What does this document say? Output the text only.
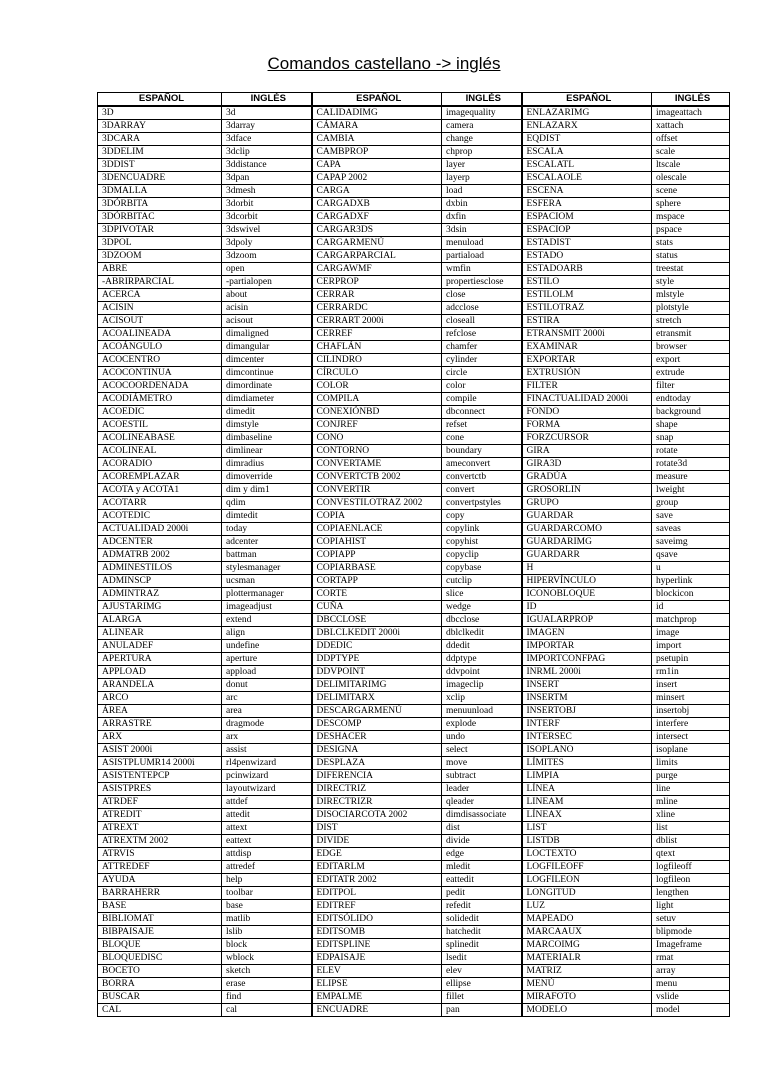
Comandos castellano -> inglés
ESPAÑOL	INGLÉS	ESPAÑOL	INGLÉS	ESPAÑOL	INGLÉS
3D	3d	CALIDADIMG	imagequality	ENLAZARIMG	imageattach
3DARRAY	3darray	CÁMARA	camera	ENLAZARX	xattach
3DCARA	3dface	CAMBIA	change	EQDIST	offset
3DDELIM	3dclip	CAMBPROP	chprop	ESCALA	scale
3DDIST	3ddistance	CAPA	layer	ESCALATL	ltscale
3DENCUADRE	3dpan	CAPAP 2002	layerp	ESCALAOLE	olescale
3DMALLA	3dmesh	CARGA	load	ESCENA	scene
3DÓRBITA	3dorbit	CARGADXB	dxbin	ESFERA	sphere
3DÓRBITAC	3dcorbit	CARGADXF	dxfin	ESPACIOM	mspace
3DPIVOTAR	3dswivel	CARGAR3DS	3dsin	ESPACIOP	pspace
3DPOL	3dpoly	CARGARMENÚ	menuload	ESTADIST	stats
3DZOOM	3dzoom	CARGARPARCIAL	partiaload	ESTADO	status
ABRE	open	CARGAWMF	wmfin	ESTADOARB	treestat
-ABRIRPARCIAL	-partialopen	CERPROP	propertiesclose	ESTILO	style
ACERCA	about	CERRAR	close	ESTILOLM	mlstyle
ACISIN	acisin	CERRARDC	adcclose	ESTILOTRAZ	plotstyle
ACISOUT	acisout	CERRART 2000i	closeall	ESTIRA	stretch
ACOALINEADA	dimaligned	CERREF	refclose	ETRANSMIT 2000i	etransmit
ACOÁNGULO	dimangular	CHAFLÁN	chamfer	EXAMINAR	browser
ACOCENTRO	dimcenter	CILINDRO	cylinder	EXPORTAR	export
ACOCONTINUA	dimcontinue	CÍRCULO	circle	EXTRUSIÓN	extrude
ACOCOORDENADA	dimordinate	COLOR	color	FILTER	filter
ACODIÁMETRO	dimdiameter	COMPILA	compile	FINACTUALIDAD 2000i	endtoday
ACOEDIC	dimedit	CONEXIÓNBD	dbconnect	FONDO	background
ACOESTIL	dimstyle	CONJREF	refset	FORMA	shape
ACOLINEABASE	dimbaseline	CONO	cone	FORZCURSOR	snap
ACOLINEAL	dimlinear	CONTORNO	boundary	GIRA	rotate
ACORADIO	dimradius	CONVERTAME	ameconvert	GIRA3D	rotate3d
ACOREMPLAZAR	dimoverride	CONVERTCTB 2002	convertctb	GRADÚA	measure
ACOTA y ACOTA1	dim y dim1	CONVERTIR	convert	GROSORLIN	lweight
ACOTARR	qdim	CONVESTILOTRAZ 2002	convertpstyles	GRUPO	group
ACOTEDIC	dimtedit	COPIA	copy	GUARDAR	save
ACTUALIDAD 2000i	today	COPIAENLACE	copylink	GUARDARCOMO	saveas
ADCENTER	adcenter	COPIAHIST	copyhist	GUARDARIMG	saveimg
ADMATRB 2002	battman	COPIAPP	copyclip	GUARDARR	qsave
ADMINESTILOS	stylesmanager	COPIARBASE	copybase	H	u
ADMINSCP	ucsman	CORTAPP	cutclip	HIPERVÍNCULO	hyperlink
ADMINTRAZ	plottermanager	CORTE	slice	ICONOBLOQUE	blockicon
AJUSTARIMG	imageadjust	CUÑA	wedge	ID	id
ALARGA	extend	DBCCLOSE	dbcclose	IGUALARPROP	matchprop
ALINEAR	align	DBLCLKEDIT 2000i	dblclkedit	IMAGEN	image
ANULADEF	undefine	DDEDIC	ddedit	IMPORTAR	import
APERTURA	aperture	DDPTYPE	ddptype	IMPORTCONFPAG	psetupin
APPLOAD	appload	DDVPOINT	ddvpoint	INRML 2000i	rm1in
ARANDELA	donut	DELIMITARIMG	imageclip	INSERT	insert
ARCO	arc	DELIMITARX	xclip	INSERTM	minsert
ÁREA	area	DESCARGARMENÚ	menuunload	INSERTOBJ	insertobj
ARRASTRE	dragmode	DESCOMP	explode	INTERF	interfere
ARX	arx	DESHACER	undo	INTERSEC	intersect
ASIST 2000i	assist	DESIGNA	select	ISOPLANO	isoplane
ASISTPLUMR14 2000i	rl4penwizard	DESPLAZA	move	LÍMITES	limits
ASISTENTEPCP	pcinwizard	DIFERENCIA	subtract	LIMPIA	purge
ASISTPRES	layoutwizard	DIRECTRIZ	leader	LÍNEA	line
ATRDEF	attdef	DIRECTRIZR	qleader	LINEAM	mline
ATREDIT	attedit	DISOCIARCOTA 2002	dimdisassociate	LÍNEAX	xline
ATREXT	attext	DIST	dist	LIST	list
ATREXTM 2002	eattext	DIVIDE	divide	LISTDB	dblist
ATRVIS	attdisp	EDGE	edge	LOCTEXTO	qtext
ATTREDEF	attredef	EDITARLM	mledit	LOGFILEOFF	logfileoff
AYUDA	help	EDITATR 2002	eattedit	LOGFILEON	logfileon
BARRAHERR	toolbar	EDITPOL	pedit	LONGITUD	lengthen
BASE	base	EDITREF	refedit	LUZ	light
BIBLIOMAT	matlib	EDITSÓLIDO	solidedit	MAPEADO	setuv
BIBPAISAJE	lslib	EDITSOMB	hatchedit	MARCAAUX	blipmode
BLOQUE	block	EDITSPLINE	splinedit	MARCOIMG	Imageframe
BLOQUEDISC	wblock	EDPAISAJE	lsedit	MATERIALR	rmat
BOCETO	sketch	ELEV	elev	MATRIZ	array
BORRA	erase	ELIPSE	ellipse	MENÚ	menu
BUSCAR	find	EMPALME	fillet	MIRAFOTO	vslide
CAL	cal	ENCUADRE	pan	MODELO	model
